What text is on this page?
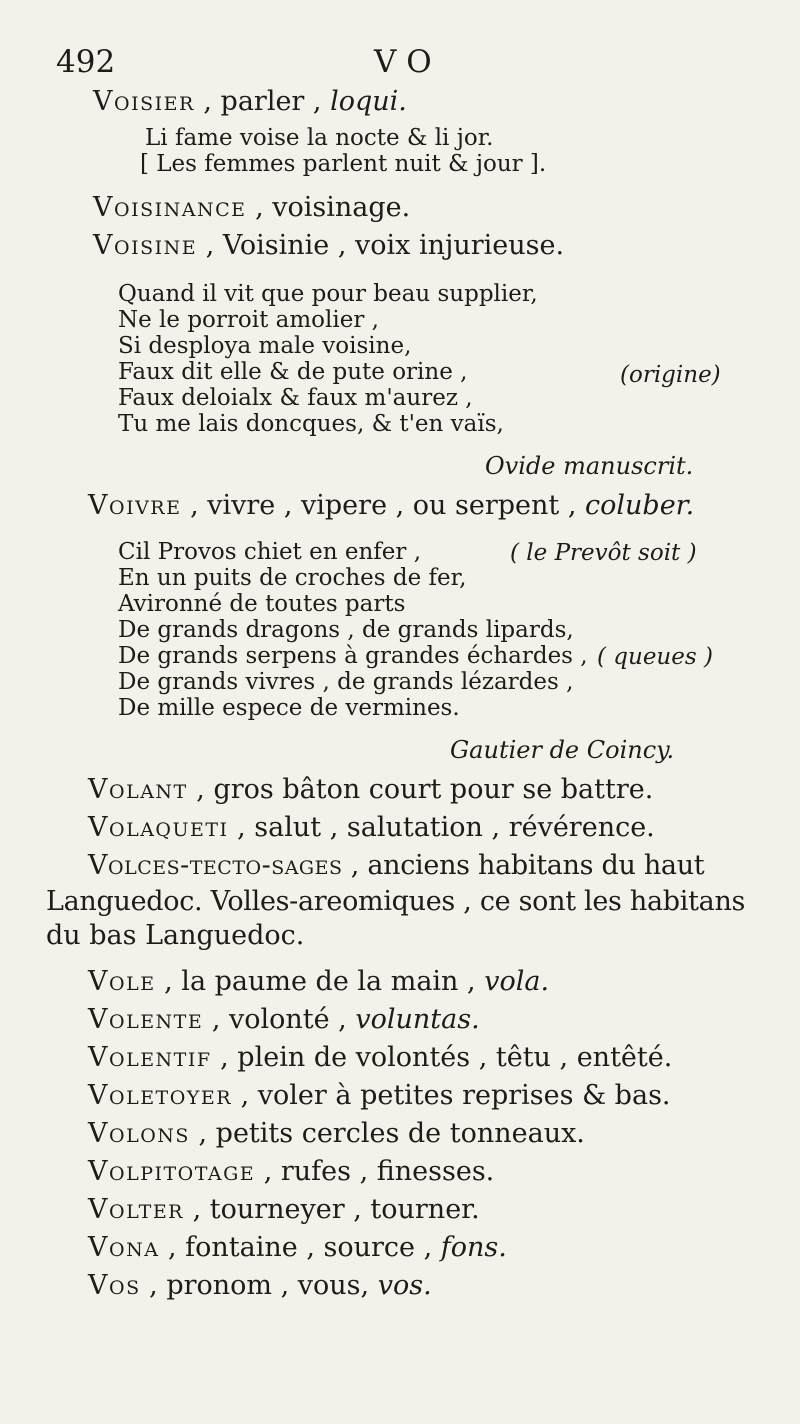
492	V O
Voisier , parler , loqui.
Li fame voise la nocte & li jor.
[ Les femmes parlent nuit & jour ].
Voisinance , voisinage.
Voisine , Voisinie , voix injurieuse.
Quand il vit que pour beau supplier,
Ne le porroit amolier ,
Si desploya male voisine,
Faux dit elle & de pute orine ,
Faux deloialx & faux m'aurez ,
Tu me lais doncques, & t'en vaïs,
(origine)
Ovide manuscrit.
Voivre , vivre , vipere , ou serpent , coluber.
Cil Provos chiet en enfer ,
En un puits de croches de fer,
Avironné de toutes parts
De grands dragons , de grands lipards,
De grands serpens à grandes échardes ,
De grands vivres , de grands lézardes ,
De mille espece de vermines.
( le Prevôt soit )
( queues )
Gautier de Coincy.
Volant , gros bâton court pour se battre.
Volaqueti , salut , salutation , révérence.
Volces-tecto-sages , anciens habitans du haut
Languedoc. Volles-areomiques , ce sont les habitans
du bas Languedoc.
Vole , la paume de la main , vola.
Volente , volonté , voluntas.
Volentif , plein de volontés , têtu , entêté.
Voletoyer , voler à petites reprises & bas.
Volons , petits cercles de tonneaux.
Volpitotage , rufes , finesses.
Volter , tourneyer , tourner.
Vona , fontaine , source , fons.
Vos , pronom , vous, vos.
